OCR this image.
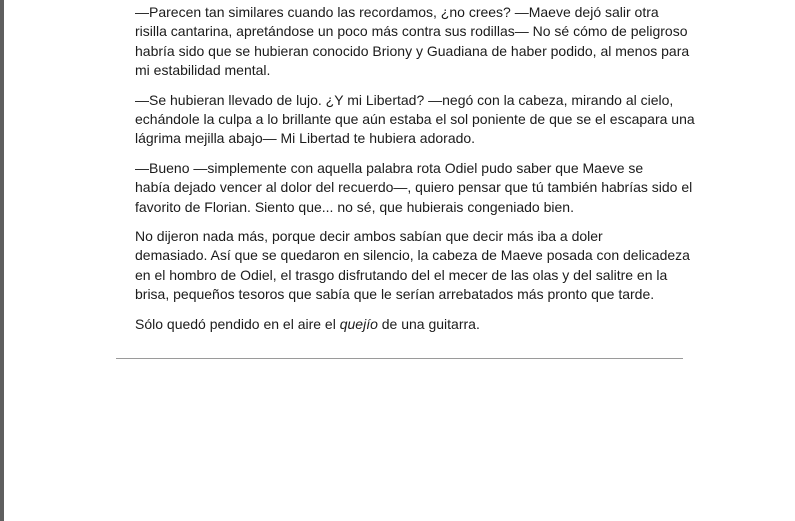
—Parecen tan similares cuando las recordamos, ¿no crees? —Maeve dejó salir otra
risilla cantarina, apretándose un poco más contra sus rodillas— No sé cómo de peligroso
habría sido que se hubieran conocido Briony y Guadiana de haber podido, al menos para
mi estabilidad mental.

—Se hubieran llevado de lujo. ¿Y mi Libertad? —negó con la cabeza, mirando al cielo,
echándole la culpa a lo brillante que aún estaba el sol poniente de que se el escapara una
lágrima mejilla abajo— Mi Libertad te hubiera adorado.

—Bueno —simplemente con aquella palabra rota Odiel pudo saber que Maeve se
había dejado vencer al dolor del recuerdo—, quiero pensar que tú también habrías sido el
favorito de Florian. Siento que... no sé, que hubierais congeniado bien.

No dijeron nada más, porque decir ambos sabían que decir más iba a doler
demasiado. Así que se quedaron en silencio, la cabeza de Maeve posada con delicadeza
en el hombro de Odiel, el trasgo disfrutando del el mecer de las olas y del salitre en la
brisa, pequeños tesoros que sabía que le serían arrebatados más pronto que tarde.

Sólo quedó pendido en el aire el quejío de una guitarra.
